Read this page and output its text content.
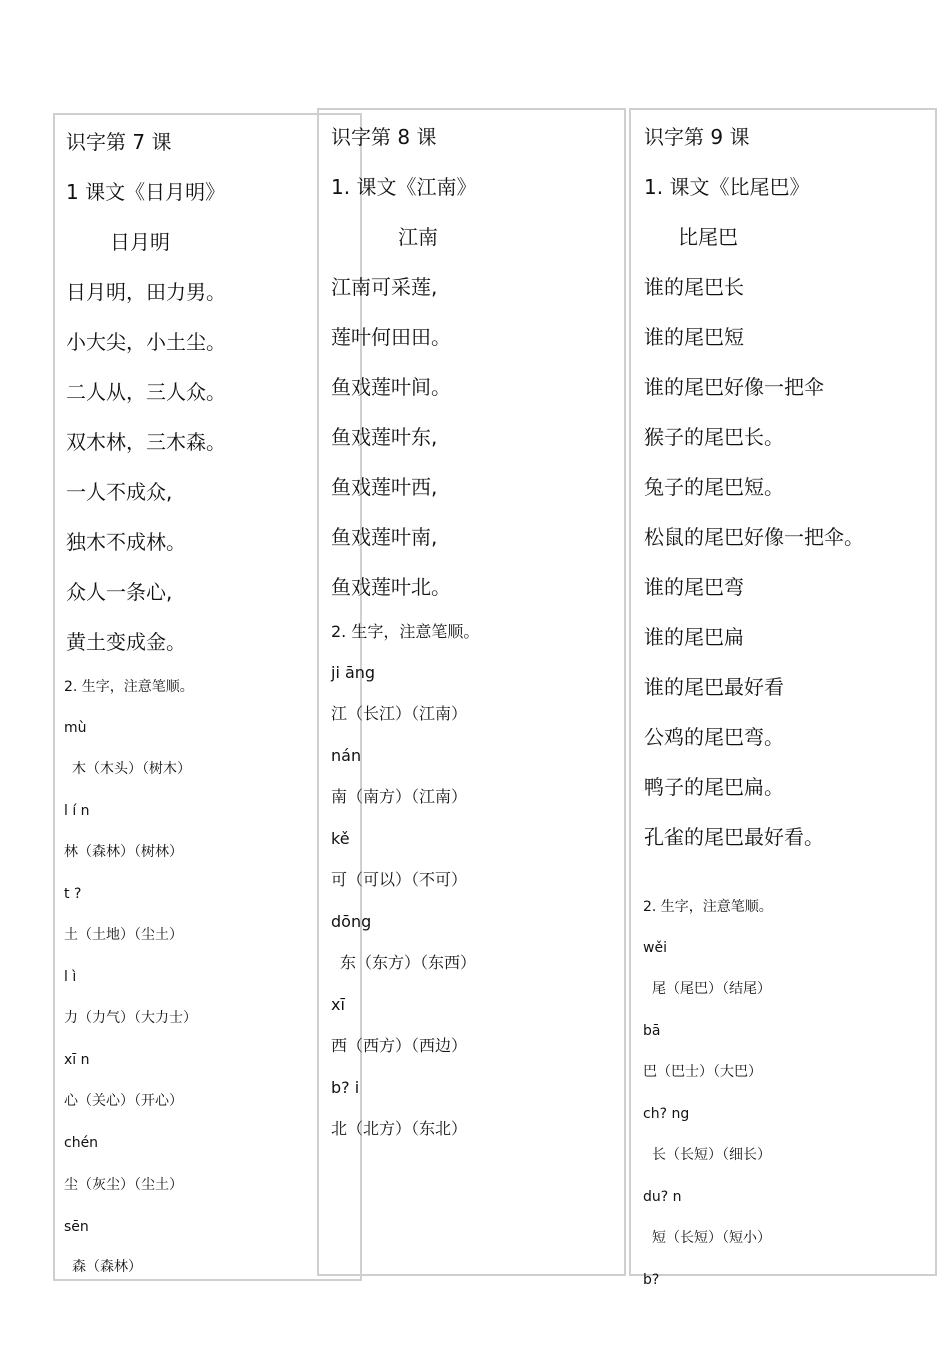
识字第 7 课
1 课文《日月明》
日月明
日月明，田力男。
小大尖，小土尘。
二人从，三人众。
双木林，三木森。
一人不成众,
独木不成林。
众人一条心,
黄土变成金。
2. 生字，注意笔顺。
mù
木（木头）（树木）
l í n
林（森林）（树林）
t ?
土（土地）（尘土）
l ì
力（力气）（大力士）
xī n
心（关心）（开心）
chén
尘（灰尘）（尘土）
sēn
森（森林）
识字第 8 课
1. 课文《江南》
江南
江南可采莲,
莲叶何田田。
鱼戏莲叶间。
鱼戏莲叶东,
鱼戏莲叶西,
鱼戏莲叶南,
鱼戏莲叶北。
2. 生字，注意笔顺。
ji āng
江（长江）（江南）
nán
南（南方）（江南）
kě
可（可以）（不可）
dōng
东（东方）（东西）
xī
西（西方）（西边）
b? i
北（北方）（东北）
识字第 9 课
1. 课文《比尾巴》
比尾巴
谁的尾巴长
谁的尾巴短
谁的尾巴好像一把伞
猴子的尾巴长。
兔子的尾巴短。
松鼠的尾巴好像一把伞。
谁的尾巴弯
谁的尾巴扁
谁的尾巴最好看
公鸡的尾巴弯。
鸭子的尾巴扁。
孔雀的尾巴最好看。
2. 生字，注意笔顺。
wěi
尾（尾巴）（结尾）
bā
巴（巴士）（大巴）
ch? ng
长（长短）（细长）
du? n
短（长短）（短小）
b?
